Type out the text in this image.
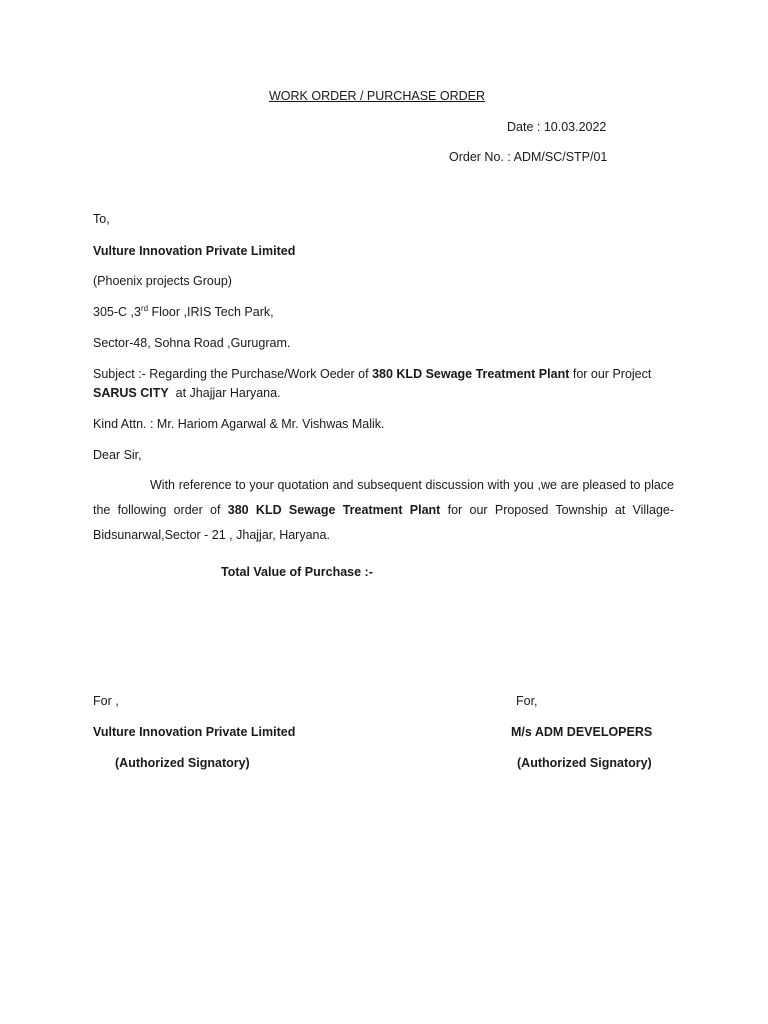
WORK ORDER / PURCHASE ORDER
Date : 10.03.2022
Order No. : ADM/SC/STP/01
To,
Vulture Innovation Private Limited
(Phoenix projects Group)
305-C ,3rd Floor ,IRIS Tech Park,
Sector-48, Sohna Road ,Gurugram.
Subject :- Regarding the Purchase/Work Oeder of 380 KLD Sewage Treatment Plant for our Project
SARUS CITY  at Jhajjar Haryana.
Kind Attn. : Mr. Hariom Agarwal & Mr. Vishwas Malik.
Dear Sir,
With reference to your quotation and subsequent discussion with you ,we are pleased to place the following order of 380 KLD Sewage Treatment Plant for our Proposed Township at Village-Bidsunarwal,Sector - 21 , Jhajjar, Haryana.
Total Value of Purchase :-
For ,
Vulture Innovation Private Limited
(Authorized Signatory)
For,
M/s ADM DEVELOPERS
(Authorized Signatory)
